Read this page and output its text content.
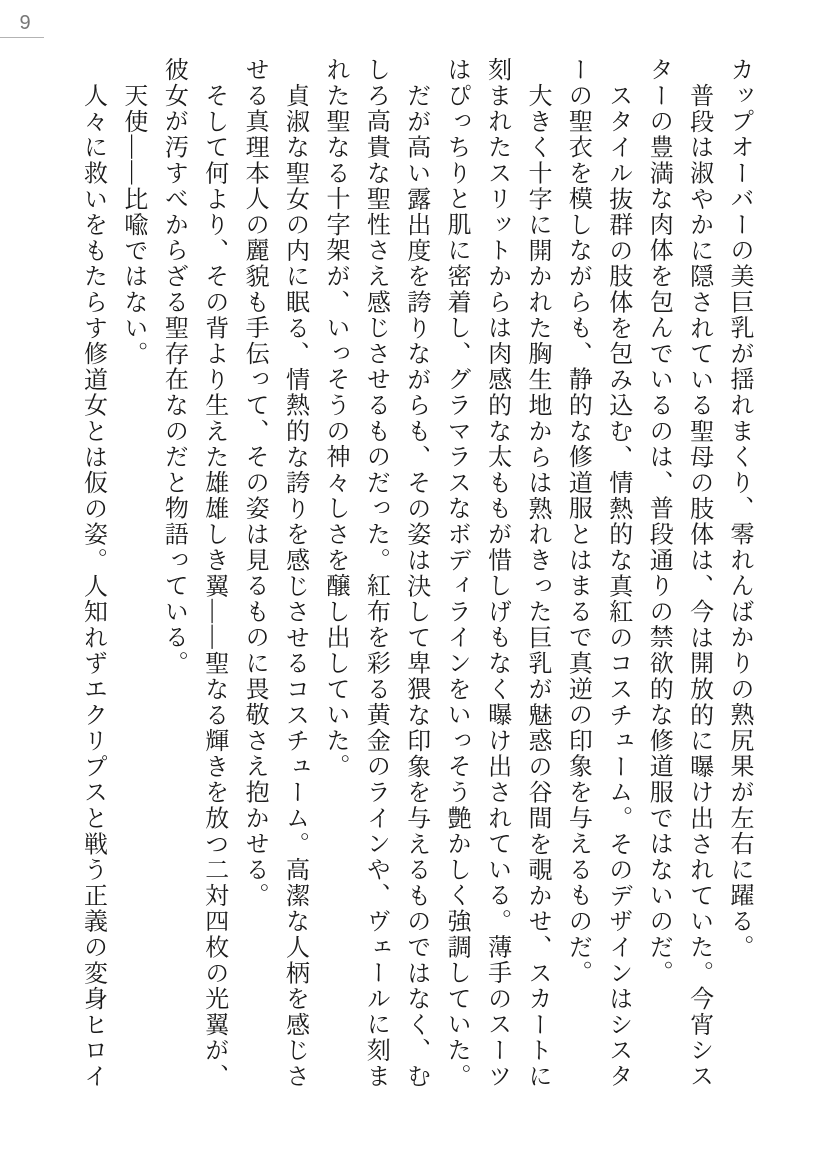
9

カップオーバーの美巨乳が揺れまくり、零れんばかりの熟尻果が左右に躍る。

普段は淑やかに隠されている聖母の肢体は、今は開放的に曝け出されていた。今宵シスターの豊満な肉体を包んでいるのは、普段通りの禁欲的な修道服ではないのだ。

スタイル抜群の肢体を包み込む、情熱的な真紅のコスチューム。そのデザインはシスターの聖衣を模しながらも、静的な修道服とはまるで真逆の印象を与えるものだ。

大きく十字に開かれた胸生地からは熟れきった巨乳が魅惑の谷間を覗かせ、スカートに刻まれたスリットからは肉感的な太ももが惜しげもなく曝け出されている。薄手のスーツはぴっちりと肌に密着し、グラマラスなボディラインをいっそう艶かしく強調していた。

だが高い露出度を誇りながらも、その姿は決して卑猥な印象を与えるものではなく、むしろ高貴な聖性さえ感じさせるものだった。紅布を彩る黄金のラインや、ヴェールに刻まれた聖なる十字架が、いっそうの神々しさを醸し出していた。

貞淑な聖女の内に眠る、情熱的な誇りを感じさせるコスチューム。高潔な人柄を感じさせる真理本人の麗貌も手伝って、その姿は見るものに畏敬さえ抱かせる。

そして何より、その背より生えた雄雄しき翼――聖なる輝きを放つ二対四枚の光翼が、彼女が汚すべからざる聖存在なのだと物語っている。

天使――比喩ではない。

人々に救いをもたらす修道女とは仮の姿。人知れずエクリプスと戦う正義の変身ヒロイ
